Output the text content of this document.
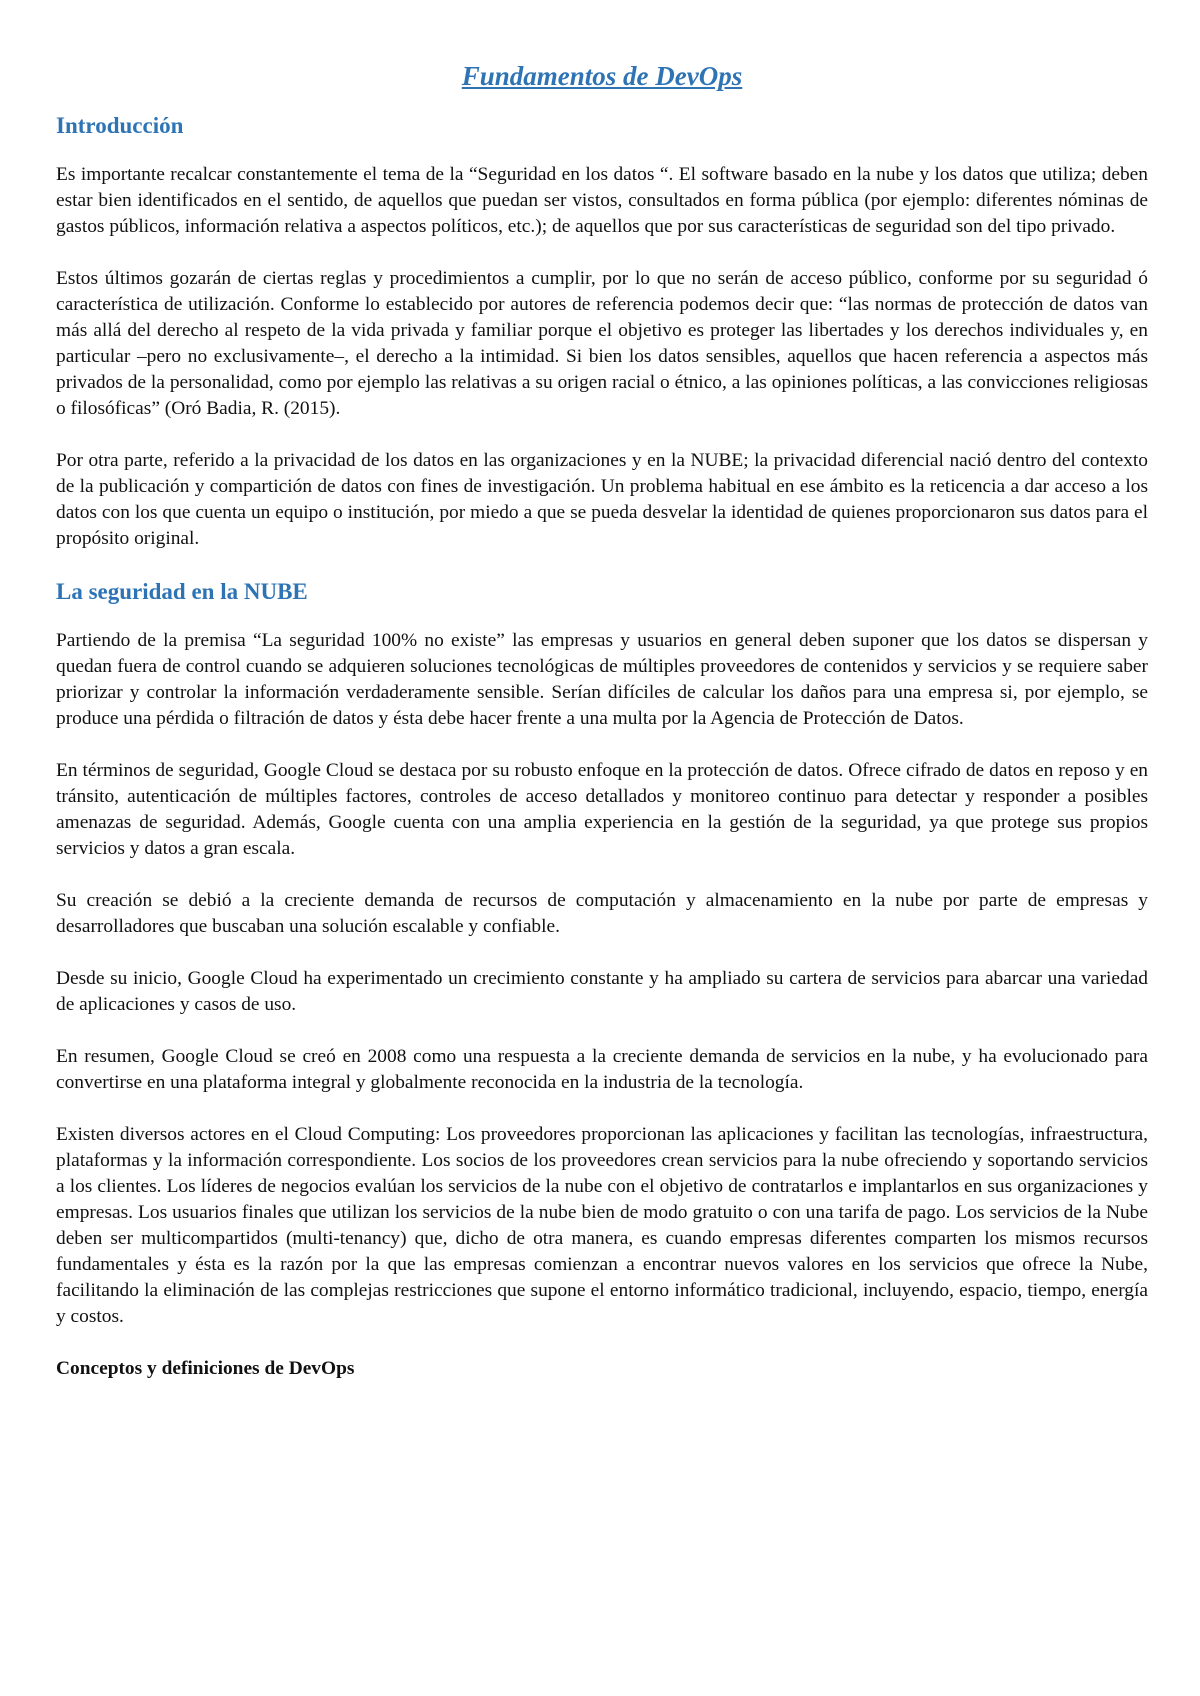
Fundamentos de DevOps
Introducción

Es importante recalcar constantemente el tema de la “Seguridad en los datos “. El software basado en la nube y los datos que utiliza; deben estar bien identificados en el sentido, de aquellos que puedan ser vistos, consultados en forma pública (por ejemplo: diferentes nóminas de gastos públicos, información relativa a aspectos políticos, etc.); de aquellos que por sus características de seguridad son del tipo privado.

Estos últimos gozarán de ciertas reglas y procedimientos a cumplir, por lo que no serán de acceso público, conforme por su seguridad ó característica de utilización. Conforme lo establecido por autores de referencia podemos decir que: “las normas de protección de datos van más allá del derecho al respeto de la vida privada y familiar porque el objetivo es proteger las libertades y los derechos individuales y, en particular –pero no exclusivamente–, el derecho a la intimidad. Si bien los datos sensibles, aquellos que hacen referencia a aspectos más privados de la personalidad, como por ejemplo las relativas a su origen racial o étnico, a las opiniones políticas, a las convicciones religiosas o filosóficas” (Oró Badia, R. (2015).

Por otra parte, referido a la privacidad de los datos en las organizaciones y en la NUBE; la privacidad diferencial nació dentro del contexto de la publicación y compartición de datos con fines de investigación. Un problema habitual en ese ámbito es la reticencia a dar acceso a los datos con los que cuenta un equipo o institución, por miedo a que se pueda desvelar la identidad de quienes proporcionaron sus datos para el propósito original.

La seguridad en la NUBE

Partiendo de la premisa “La seguridad 100% no existe” las empresas y usuarios en general deben suponer que los datos se dispersan y quedan fuera de control cuando se adquieren soluciones tecnológicas de múltiples proveedores de contenidos y servicios y se requiere saber priorizar y controlar la información verdaderamente sensible. Serían difíciles de calcular los daños para una empresa si, por ejemplo, se produce una pérdida o filtración de datos y ésta debe hacer frente a una multa por la Agencia de Protección de Datos.

En términos de seguridad, Google Cloud se destaca por su robusto enfoque en la protección de datos. Ofrece cifrado de datos en reposo y en tránsito, autenticación de múltiples factores, controles de acceso detallados y monitoreo continuo para detectar y responder a posibles amenazas de seguridad. Además, Google cuenta con una amplia experiencia en la gestión de la seguridad, ya que protege sus propios servicios y datos a gran escala.

Su creación se debió a la creciente demanda de recursos de computación y almacenamiento en la nube por parte de empresas y desarrolladores que buscaban una solución escalable y confiable.

Desde su inicio, Google Cloud ha experimentado un crecimiento constante y ha ampliado su cartera de servicios para abarcar una variedad de aplicaciones y casos de uso.

En resumen, Google Cloud se creó en 2008 como una respuesta a la creciente demanda de servicios en la nube, y ha evolucionado para convertirse en una plataforma integral y globalmente reconocida en la industria de la tecnología.

Existen diversos actores en el Cloud Computing: Los proveedores proporcionan las aplicaciones y facilitan las tecnologías, infraestructura, plataformas y la información correspondiente. Los socios de los proveedores crean servicios para la nube ofreciendo y soportando servicios a los clientes. Los líderes de negocios evalúan los servicios de la nube con el objetivo de contratarlos e implantarlos en sus organizaciones y empresas. Los usuarios finales que utilizan los servicios de la nube bien de modo gratuito o con una tarifa de pago. Los servicios de la Nube deben ser multicompartidos (multi-tenancy) que, dicho de otra manera, es cuando empresas diferentes comparten los mismos recursos fundamentales y ésta es la razón por la que las empresas comienzan a encontrar nuevos valores en los servicios que ofrece la Nube, facilitando la eliminación de las complejas restricciones que supone el entorno informático tradicional, incluyendo, espacio, tiempo, energía y costos.

Conceptos y definiciones de DevOps
